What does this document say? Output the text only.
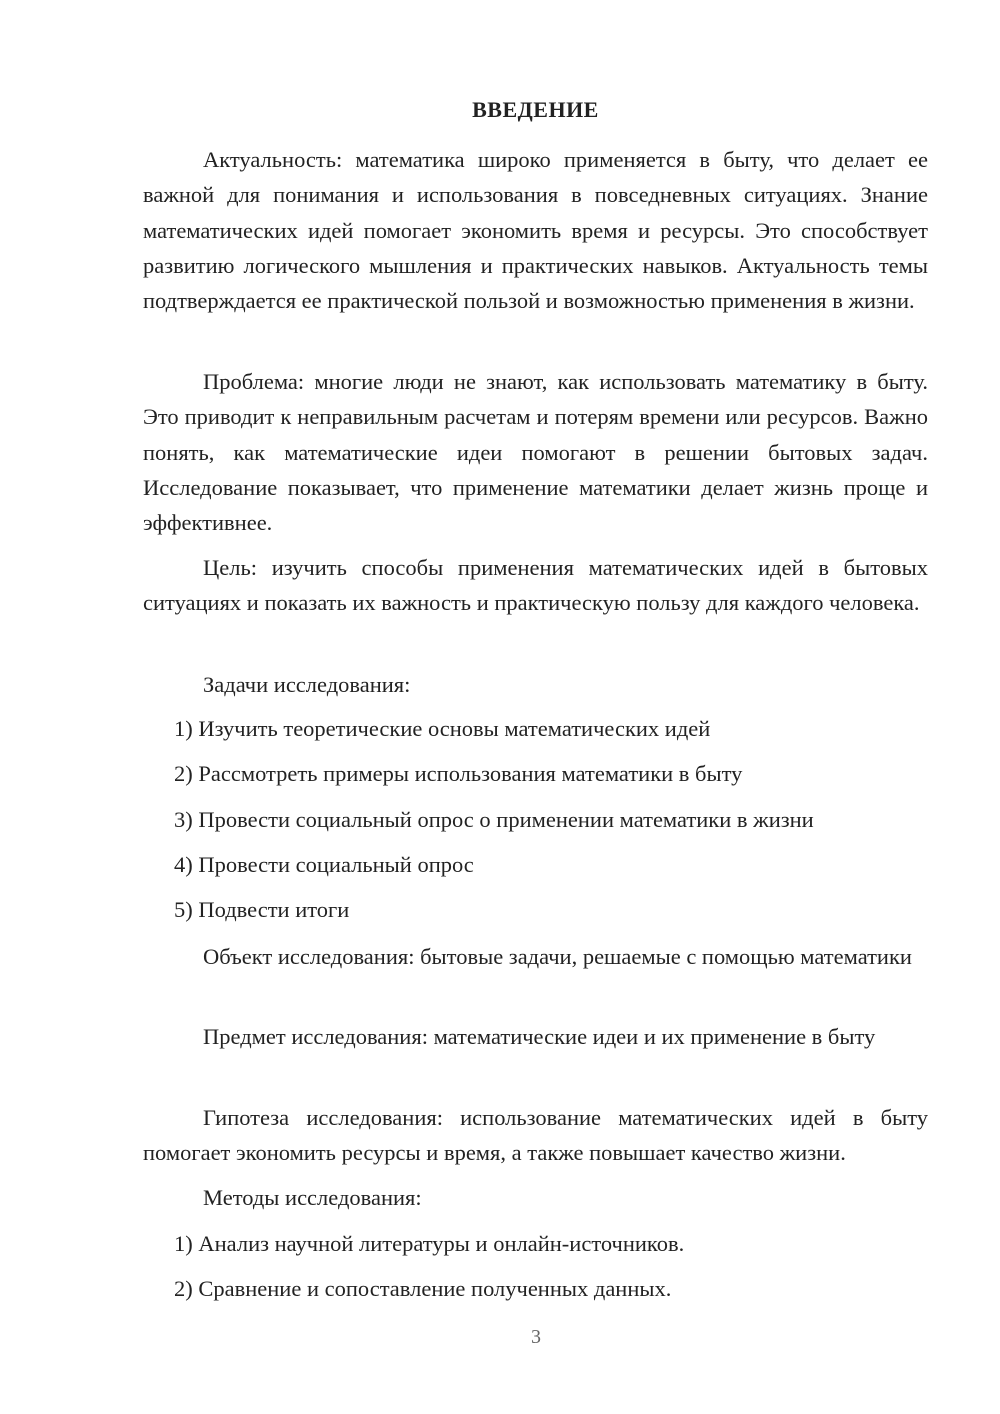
ВВЕДЕНИЕ

Актуальность: математика широко применяется в быту, что делает ее важной для понимания и использования в повседневных ситуациях. Знание математических идей помогает экономить время и ресурсы. Это способствует развитию логического мышления и практических навыков. Актуальность темы подтверждается ее практической пользой и возможностью применения в жизни.

Проблема: многие люди не знают, как использовать математику в быту. Это приводит к неправильным расчетам и потерям времени или ресурсов. Важно понять, как математические идеи помогают в решении бытовых задач. Исследование показывает, что применение математики делает жизнь проще и эффективнее.

Цель: изучить способы применения математических идей в бытовых ситуациях и показать их важность и практическую пользу для каждого человека.

Задачи исследования:

1) Изучить теоретические основы математических идей

2) Рассмотреть примеры использования математики в быту

3) Провести социальный опрос о применении математики в жизни

4) Провести социальный опрос

5) Подвести итоги

Объект исследования: бытовые задачи, решаемые с помощью математики

Предмет исследования: математические идеи и их применение в быту

Гипотеза исследования: использование математических идей в быту помогает экономить ресурсы и время, а также повышает качество жизни.

Методы исследования:

1) Анализ научной литературы и онлайн-источников.

2) Сравнение и сопоставление полученных данных.

3
